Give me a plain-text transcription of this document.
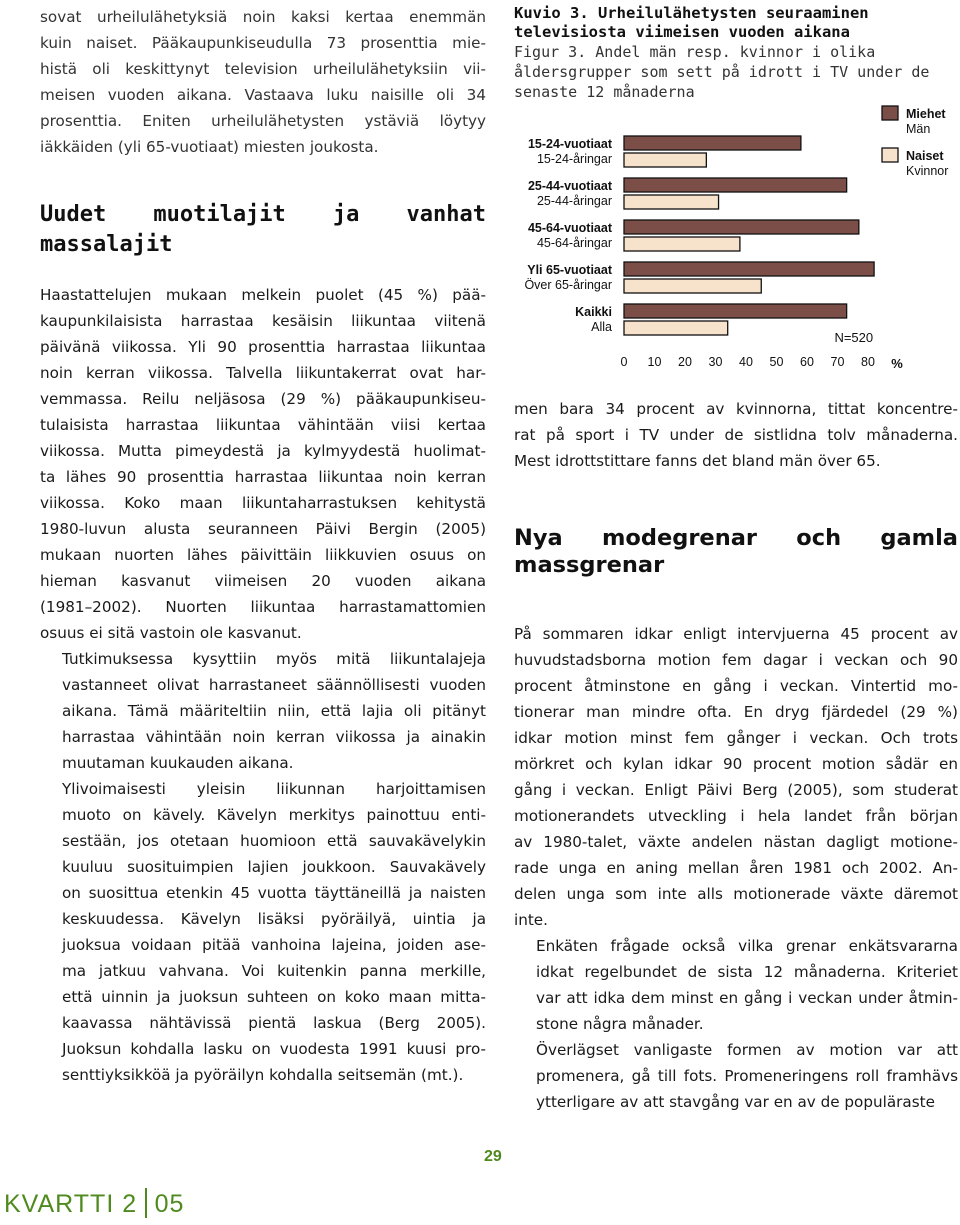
sovat urheilulähetyksiä noin kaksi kertaa enemmän
kuin naiset. Pääkaupunkiseudulla 73 prosenttia mie-
histä oli keskittynyt television urheilulähetyksiin vii-
meisen vuoden aikana. Vastaava luku naisille oli 34
prosenttia. Eniten urheilulähetysten ystäviä löytyy
iäkkäiden (yli 65-vuotiaat) miesten joukosta.

Uudet muotilajit ja vanhat
massalajit

Haastattelujen mukaan melkein puolet (45 %) pää-
kaupunkilaisista harrastaa kesäisin liikuntaa viitenä
päivänä viikossa. Yli 90 prosenttia harrastaa liikuntaa
noin kerran viikossa. Talvella liikuntakerrat ovat har-
vemmassa. Reilu neljäsosa (29 %) pääkaupunkiseu-
tulaisista harrastaa liikuntaa vähintään viisi kertaa
viikossa. Mutta pimeydestä ja kylmyydestä huolimat-
ta lähes 90 prosenttia harrastaa liikuntaa noin kerran
viikossa. Koko maan liikuntaharrastuksen kehitystä
1980-luvun alusta seuranneen Päivi Bergin (2005)
mukaan nuorten lähes päivittäin liikkuvien osuus on
hieman kasvanut viimeisen 20 vuoden aikana
(1981–2002). Nuorten liikuntaa harrastamattomien
osuus ei sitä vastoin ole kasvanut.

Tutkimuksessa kysyttiin myös mitä liikuntalajeja
vastanneet olivat harrastaneet säännöllisesti vuoden
aikana. Tämä määriteltiin niin, että lajia oli pitänyt
harrastaa vähintään noin kerran viikossa ja ainakin
muutaman kuukauden aikana.

Ylivoimaisesti yleisin liikunnan harjoittamisen
muoto on kävely. Kävelyn merkitys painottuu enti-
sestään, jos otetaan huomioon että sauvakävelykin
kuuluu suosituimpien lajien joukkoon. Sauvakävely
on suosittua etenkin 45 vuotta täyttäneillä ja naisten
keskuudessa. Kävelyn lisäksi pyöräilyä, uintia ja
juoksua voidaan pitää vanhoina lajeina, joiden ase-
ma jatkuu vahvana. Voi kuitenkin panna merkille,
että uinnin ja juoksun suhteen on koko maan mitta-
kaavassa nähtävissä pientä laskua (Berg 2005).
Juoksun kohdalla lasku on vuodesta 1991 kuusi pro-
senttiyksikköä ja pyöräilyn kohdalla seitsemän (mt.).

Kuvio 3. Urheilulähetysten seuraaminen
televisiosta viimeisen vuoden aikana
Figur 3. Andel män resp. kvinnor i olika
åldersgrupper som sett på idrott i TV under de
senaste 12 månaderna
15-24-vuotiaat
15-24-åringar
25-44-vuotiaat
25-44-åringar
45-64-vuotiaat
45-64-åringar
Yli 65-vuotiaat
Över 65-åringar
Kaikki
Alla
0 10 20 30 40 50 60 70 80 %
N=520
Miehet
Män
Naiset
Kvinnor

men bara 34 procent av kvinnorna, tittat koncentre-
rat på sport i TV under de sistlidna tolv månaderna.
Mest idrottstittare fanns det bland män över 65.

Nya modegrenar och gamla
massgrenar

På sommaren idkar enligt intervjuerna 45 procent av
huvudstadsborna motion fem dagar i veckan och 90
procent åtminstone en gång i veckan. Vintertid mo-
tionerar man mindre ofta. En dryg fjärdedel (29 %)
idkar motion minst fem gånger i veckan. Och trots
mörkret och kylan idkar 90 procent motion sådär en
gång i veckan. Enligt Päivi Berg (2005), som studerat
motionerandets utveckling i hela landet från början
av 1980-talet, växte andelen nästan dagligt motione-
rade unga en aning mellan åren 1981 och 2002. An-
delen unga som inte alls motionerade växte däremot
inte.

Enkäten frågade också vilka grenar enkätsvararna
idkat regelbundet de sista 12 månaderna. Kriteriet
var att idka dem minst en gång i veckan under åtmin-
stone några månader.

Överlägset vanligaste formen av motion var att
promenera, gå till fots. Promeneringens roll framhävs
ytterligare av att stavgång var en av de populäraste

29
KVARTTI 2 05
